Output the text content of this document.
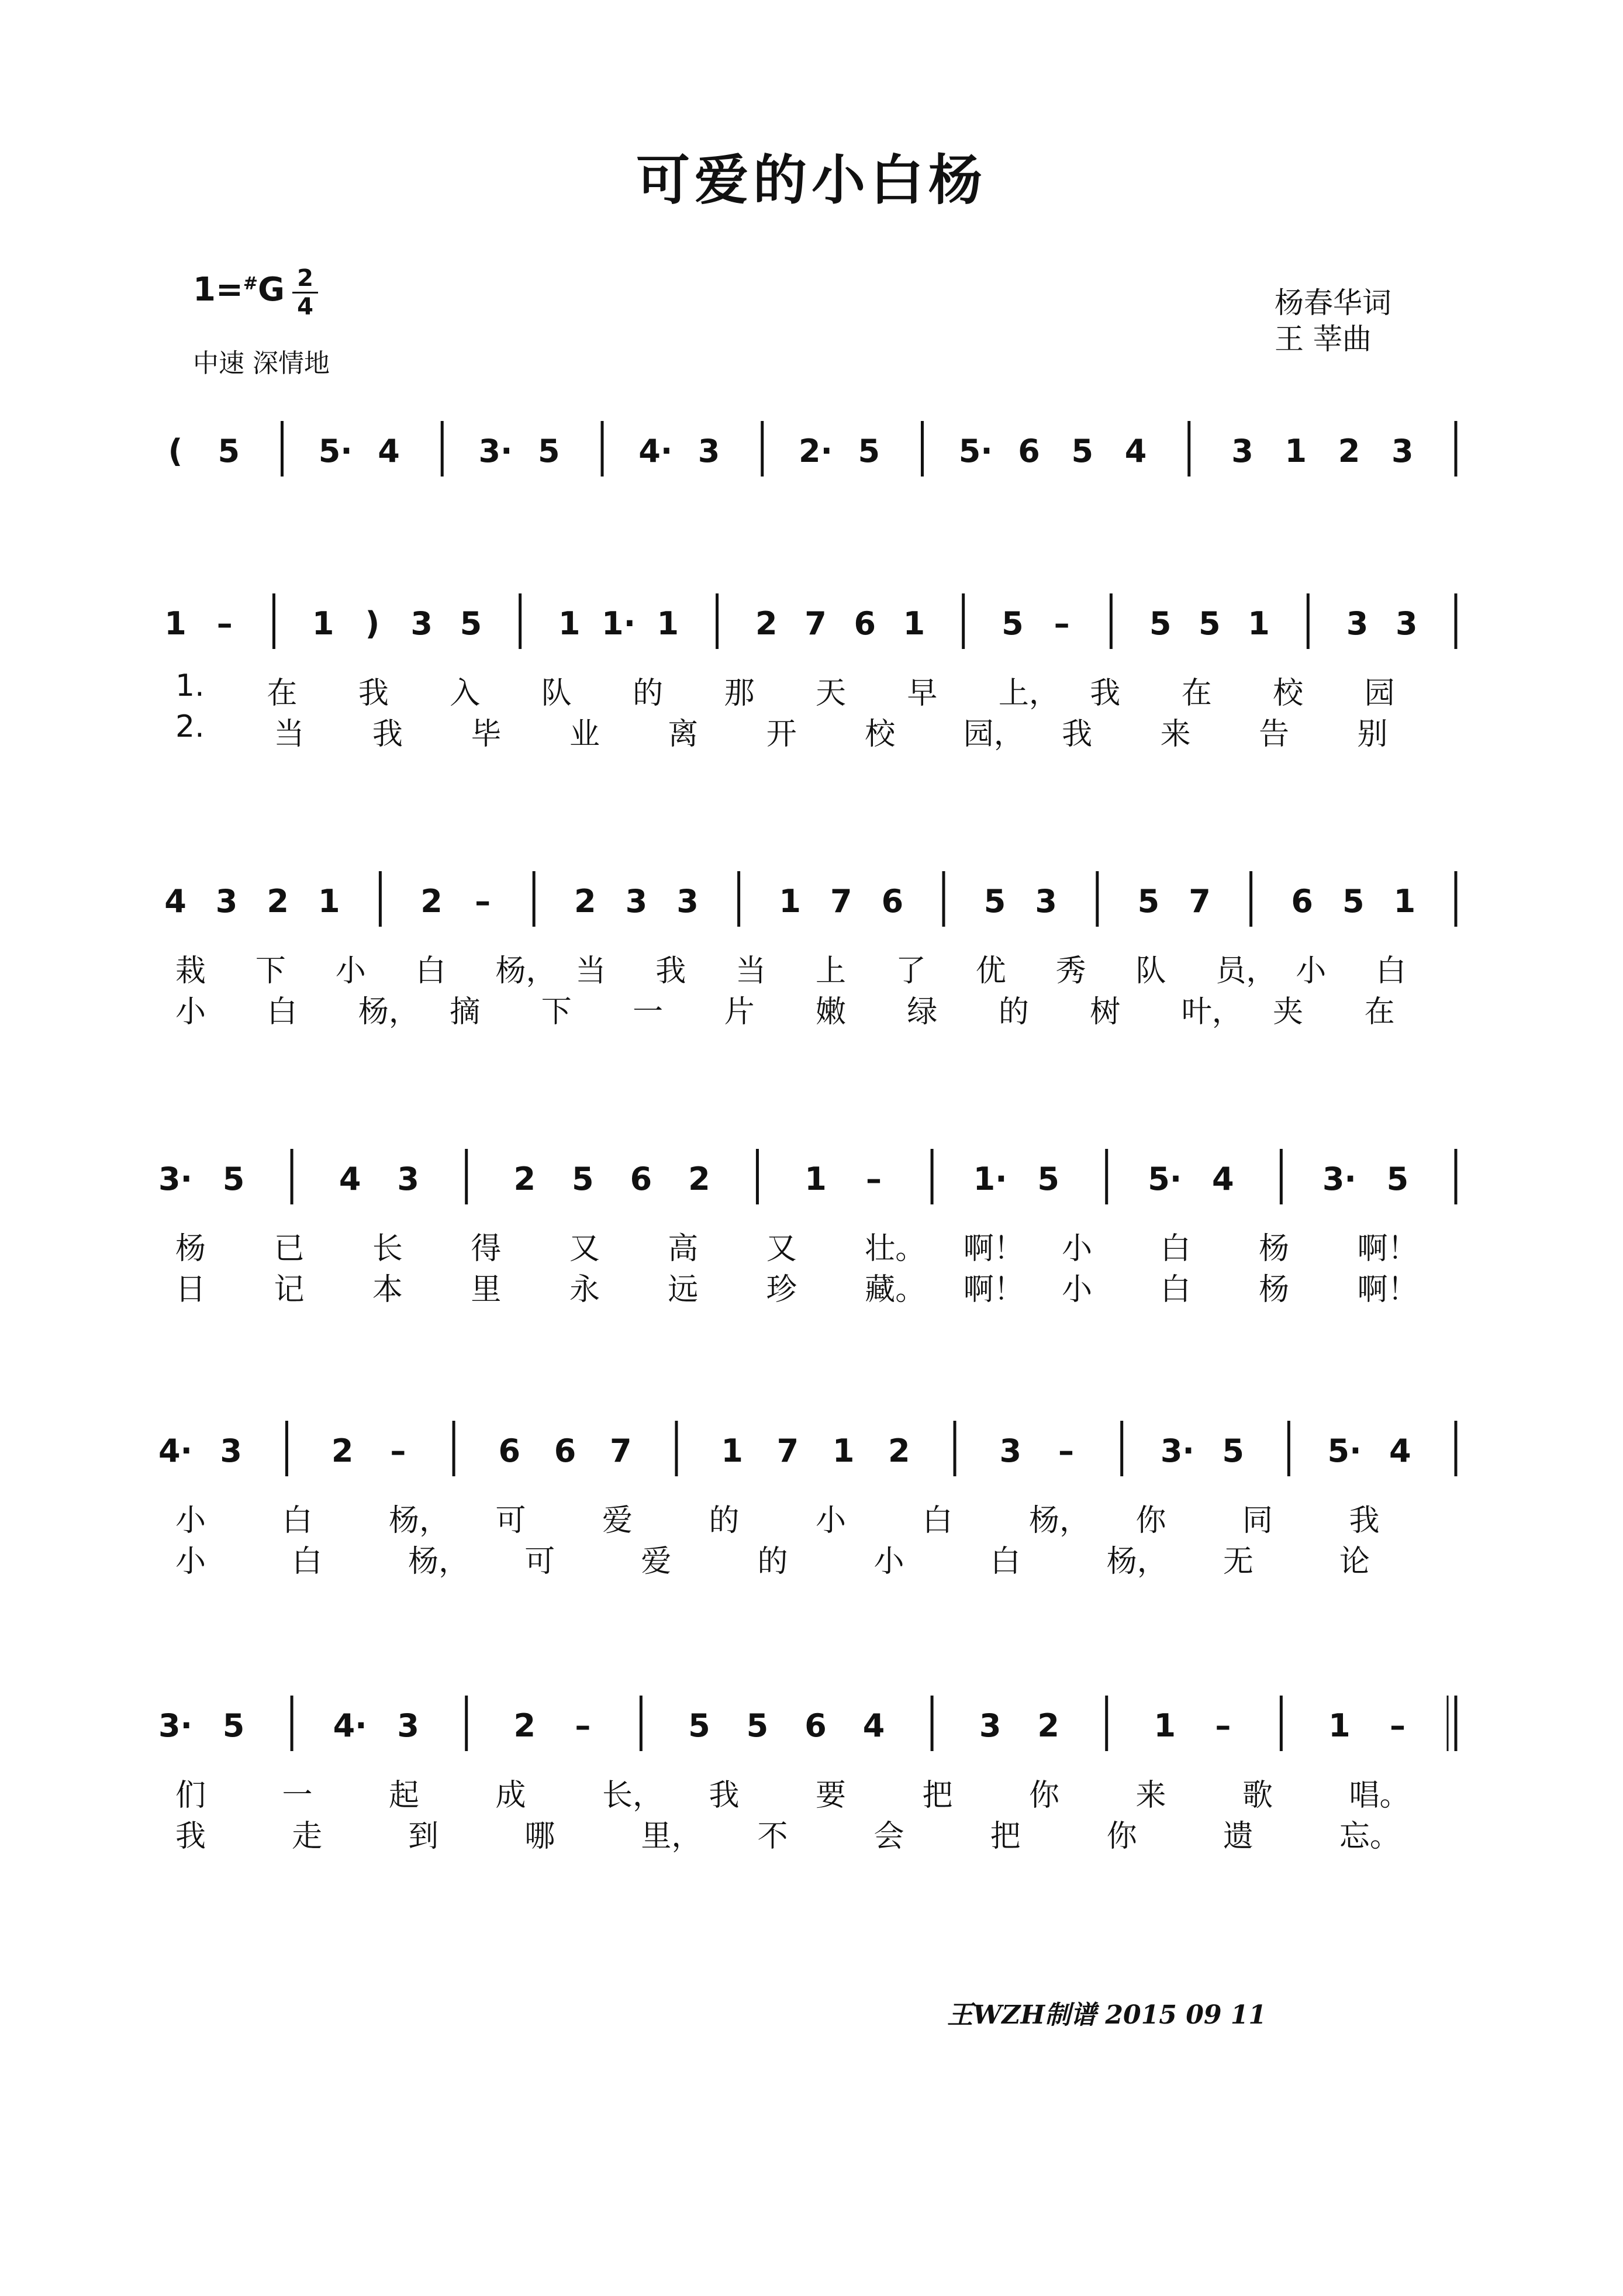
可爱的小白杨
1=#G 2
4
中速 深情地
杨春华词
王 莘曲
( 5 5· 4 3· 5 4· 3 2· 5 5· 6 5 4	3 1 2 3
1 –	1 ) 3 5 1 1· 1 2 7 6 1 5 –	5 5 1 3 3
4 3 2 1	2 –	2 3 3	1 7 6	5 3	5 7	6 5 1
3· 5	4 3	2 5 6 2	1 –	1· 5	5· 4	3· 5
4· 3	2 –	6 6 7	1 7 1 2	3 –	3· 5	5· 4
3· 5	4· 3	2 –	5 5 6 4	3 2	1 –	1 –
1. 在 我 入 队 的 那 天 早 上， 我 在 校 园
2. 当 我 毕 业 离 开 校 园， 我 来 告 别
栽 下 小 白 杨， 当 我 当 上 了 优 秀 队 员， 小 白
小 白 杨， 摘 下 一 片 嫩 绿 的 树 叶， 夹 在
杨 已 长 得 又 高 又 壮。 啊！ 小 白 杨 啊！
日 记 本 里 永 远 珍 藏。 啊！ 小 白 杨 啊！
小	白	杨， 可	爱	的	小	白	杨， 你	同	我
小	白	杨， 可	爱	的	小	白	杨， 无	论
们	一	起	成	长， 我	要	把	你	来	歌	唱。
我	走	到	哪	里， 不	会	把	你	遗	忘。
王WZH制谱 2015 09 11
